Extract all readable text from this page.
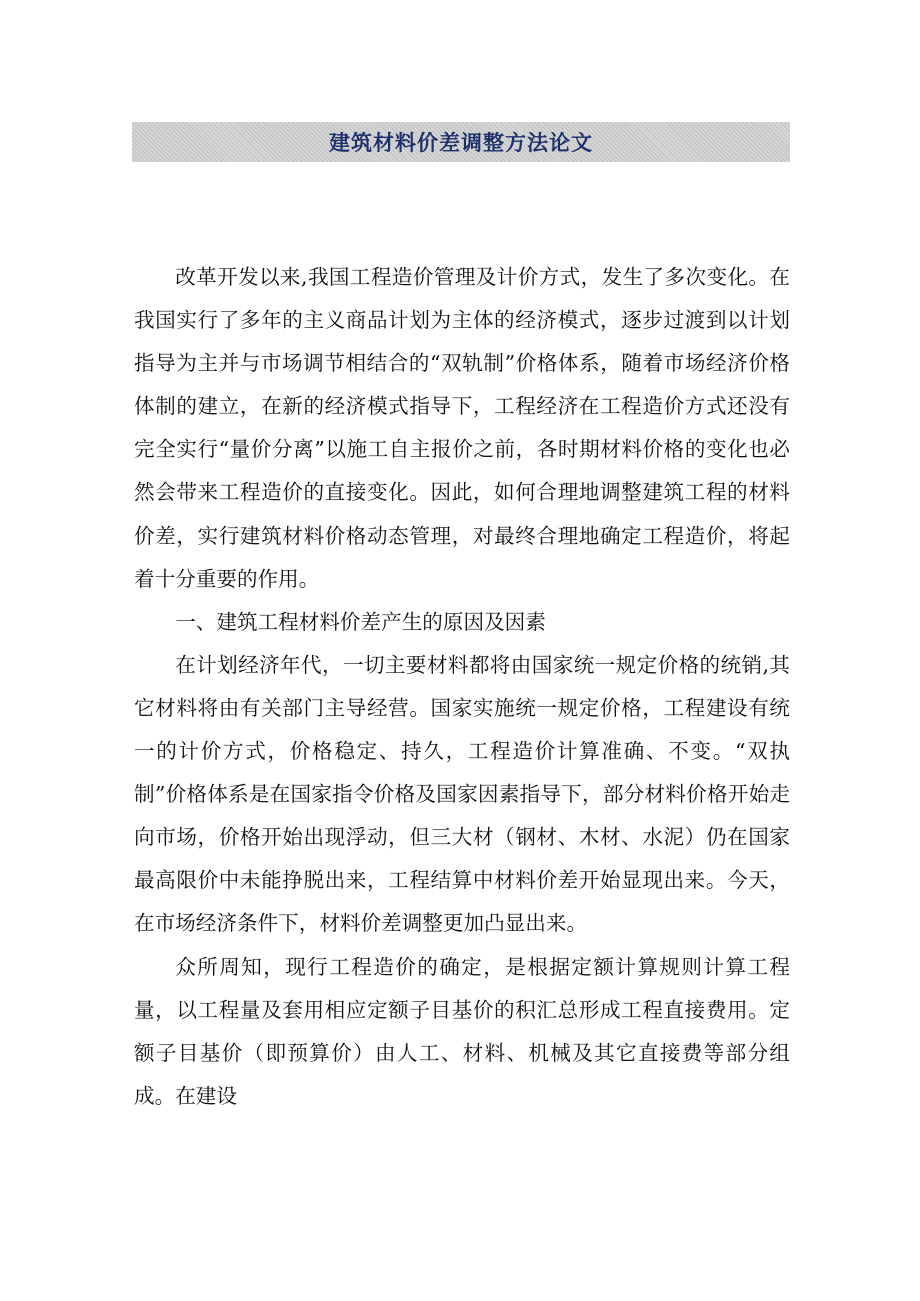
建筑材料价差调整方法论文

改革开发以来,我国工程造价管理及计价方式，发生了多次变化。在我国实行了多年的主义商品计划为主体的经济模式，逐步过渡到以计划指导为主并与市场调节相结合的“双轨制”价格体系，随着市场经济价格体制的建立，在新的经济模式指导下，工程经济在工程造价方式还没有完全实行“量价分离”以施工自主报价之前，各时期材料价格的变化也必然会带来工程造价的直接变化。因此，如何合理地调整建筑工程的材料价差，实行建筑材料价格动态管理，对最终合理地确定工程造价，将起着十分重要的作用。

一、建筑工程材料价差产生的原因及因素

在计划经济年代，一切主要材料都将由国家统一规定价格的统销,其它材料将由有关部门主导经营。国家实施统一规定价格，工程建设有统一的计价方式，价格稳定、持久，工程造价计算准确、不变。“双执制”价格体系是在国家指令价格及国家因素指导下，部分材料价格开始走向市场，价格开始出现浮动，但三大材（钢材、木材、水泥）仍在国家最高限价中未能挣脱出来，工程结算中材料价差开始显现出来。今天，在市场经济条件下，材料价差调整更加凸显出来。

众所周知，现行工程造价的确定，是根据定额计算规则计算工程量，以工程量及套用相应定额子目基价的积汇总形成工程直接费用。定额子目基价（即预算价）由人工、材料、机械及其它直接费等部分组成。在建设
